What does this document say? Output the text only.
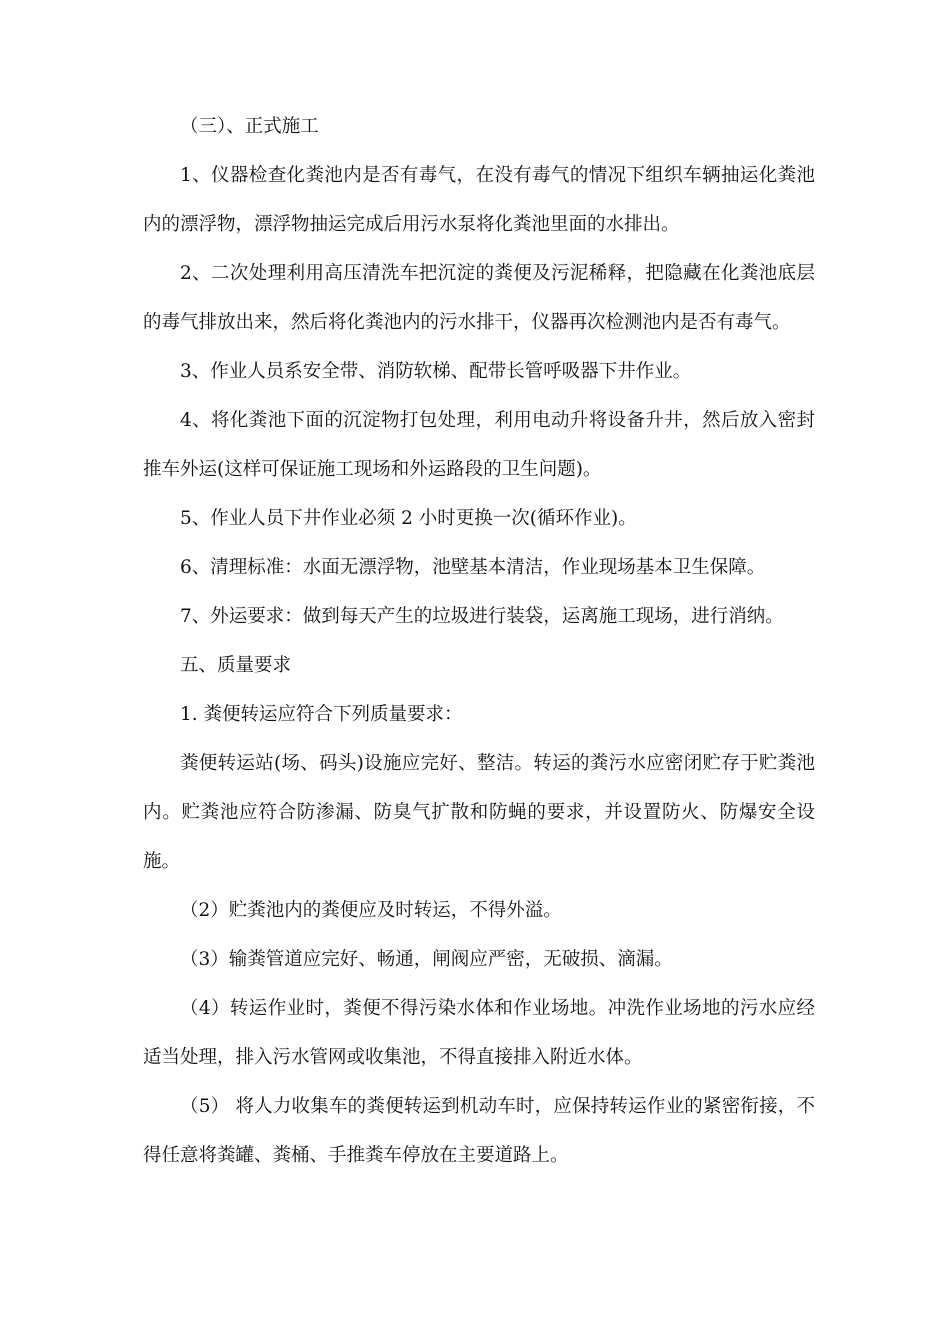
（三）、正式施工

1、仪器检查化粪池内是否有毒气，在没有毒气的情况下组织车辆抽运化粪池内的漂浮物，漂浮物抽运完成后用污水泵将化粪池里面的水排出。

2、二次处理利用高压清洗车把沉淀的粪便及污泥稀释，把隐藏在化粪池底层的毒气排放出来，然后将化粪池内的污水排干，仪器再次检测池内是否有毒气。

3、作业人员系安全带、消防软梯、配带长管呼吸器下井作业。

4、将化粪池下面的沉淀物打包处理，利用电动升将设备升井，然后放入密封推车外运(这样可保证施工现场和外运路段的卫生问题)。

5、作业人员下井作业必须 2 小时更换一次(循环作业)。

6、清理标准：水面无漂浮物，池壁基本清洁，作业现场基本卫生保障。

7、外运要求：做到每天产生的垃圾进行装袋，运离施工现场，进行消纳。

五、质量要求

1. 粪便转运应符合下列质量要求：

粪便转运站(场、码头)设施应完好、整洁。转运的粪污水应密闭贮存于贮粪池内。贮粪池应符合防渗漏、防臭气扩散和防蝇的要求，并设置防火、防爆安全设施。

（2）贮粪池内的粪便应及时转运，不得外溢。

（3）输粪管道应完好、畅通，闸阀应严密，无破损、滴漏。

（4）转运作业时，粪便不得污染水体和作业场地。冲洗作业场地的污水应经适当处理，排入污水管网或收集池，不得直接排入附近水体。

（5） 将人力收集车的粪便转运到机动车时，应保持转运作业的紧密衔接，不得任意将粪罐、粪桶、手推粪车停放在主要道路上。
